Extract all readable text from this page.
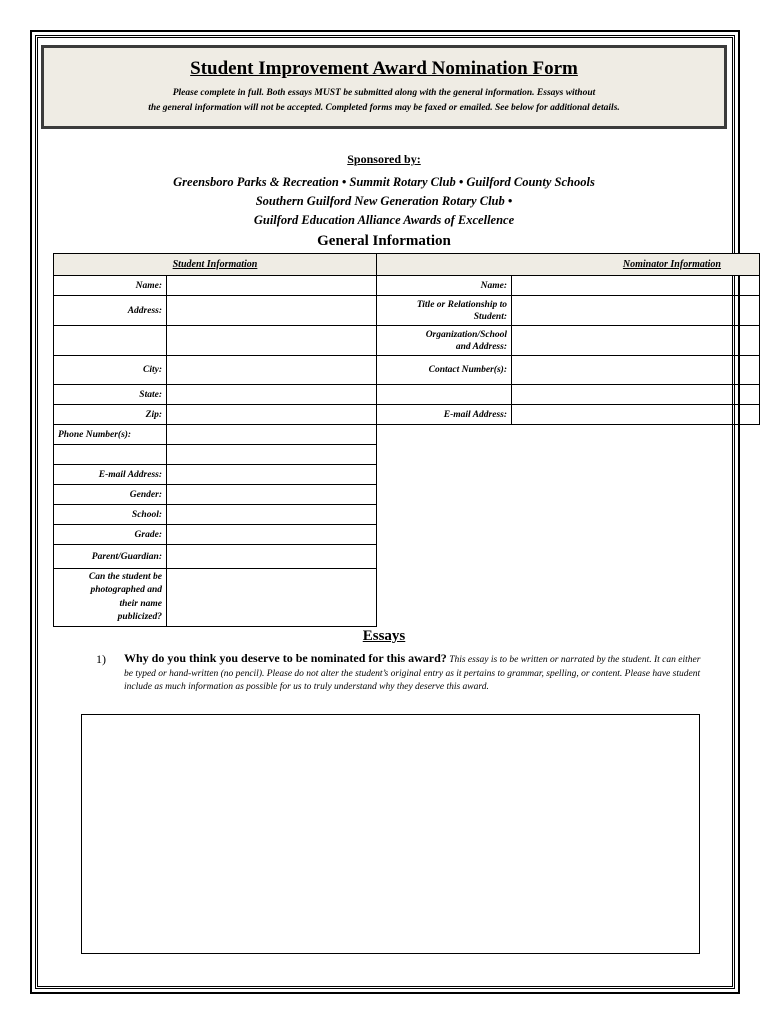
Student Improvement Award Nomination Form
Please complete in full. Both essays MUST be submitted along with the general information. Essays without
the general information will not be accepted. Completed forms may be faxed or emailed. See below for additional details.
Sponsored by:
Greensboro Parks & Recreation • Summit Rotary Club • Guilford County Schools
Southern Guilford New Generation Rotary Club •
Guilford Education Alliance Awards of Excellence
General Information
Student Information		Nominator Information	
Name:		Name:	
Address:		Title or Relationship to
Student:	

		Organization/School
and Address:	

City:		Contact Number(s):	
State:			
Zip:		E-mail Address:	
Phone Number(s):			

E-mail Address:			
Gender:			
School:			
Grade:			
Parent/Guardian:			

Can the student be
photographed and
their name
publicized?			

Essays
1) Why do you think you deserve to be nominated for this award? This essay is to be written or narrated by the student. It can either be typed or hand-written (no pencil). Please do not alter the student’s original entry as it pertains to grammar, spelling, or content. Please have student include as much information as possible for us to truly understand why they deserve this award.
